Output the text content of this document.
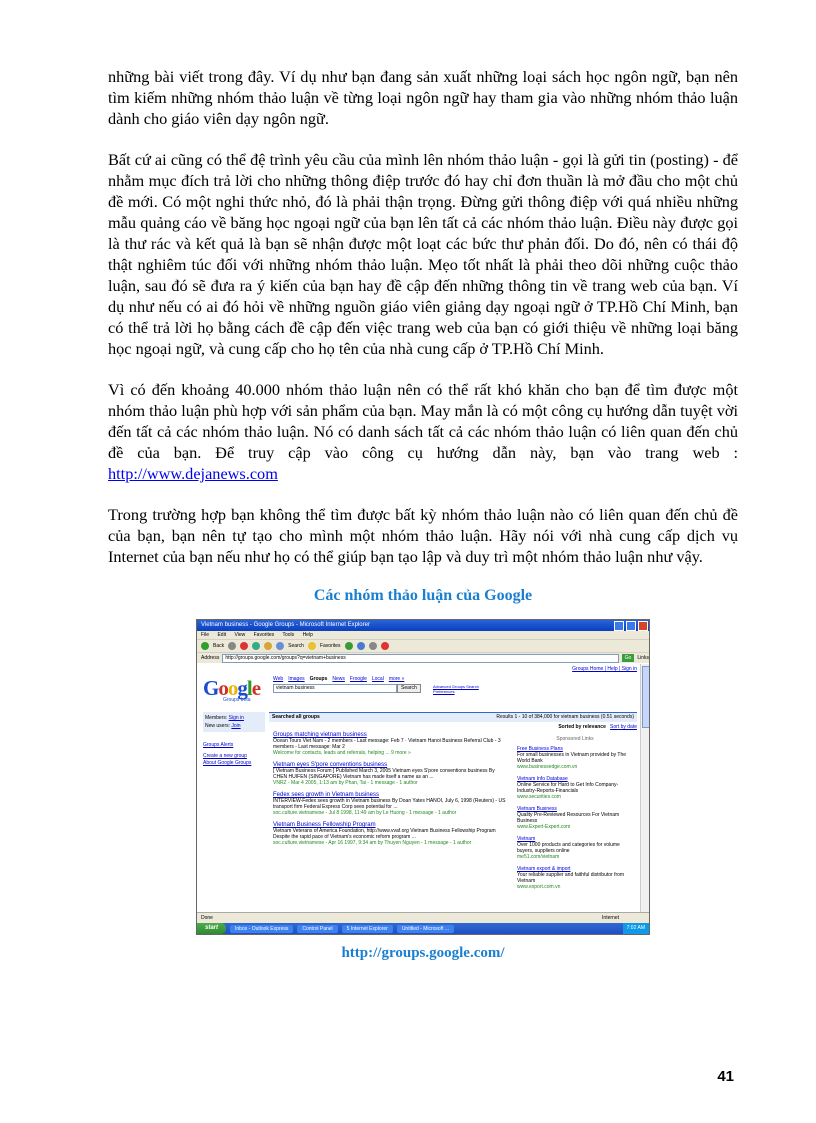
những bài viết trong đây. Ví dụ như bạn đang sản xuất những loại sách học ngôn ngữ, bạn nên tìm kiếm những nhóm thảo luận về từng loại ngôn ngữ hay tham gia vào những nhóm thảo luận dành cho giáo viên dạy ngôn ngữ.

Bất cứ ai cũng có thể đệ trình yêu cầu của mình lên nhóm thảo luận - gọi là gửi tin (posting) - để nhằm mục đích trả lời cho những thông điệp trước đó hay chỉ đơn thuần là mở đầu cho một chủ đề mới. Có một nghi thức nhỏ, đó là phải thận trọng. Đừng gửi thông điệp với quá nhiều những mẫu quảng cáo về băng học ngoại ngữ của bạn lên tất cả các nhóm thảo luận. Điều này được gọi là thư rác và kết quả là bạn sẽ nhận được một loạt các bức thư phản đối. Do đó, nên có thái độ thật nghiêm túc đối với những nhóm thảo luận. Mẹo tốt nhất là phải theo dõi những cuộc thảo luận, sau đó sẽ đưa ra ý kiến của bạn hay đề cập đến những thông tin về trang web của bạn. Ví dụ như nếu có ai đó hỏi về những nguồn giáo viên giảng dạy ngoại ngữ ở TP.Hồ Chí Minh, bạn có thể trả lời họ bằng cách đề cập đến việc trang web của bạn có giới thiệu về những loại băng học ngoại ngữ, và cung cấp cho họ tên của nhà cung cấp ở TP.Hồ Chí Minh.

Vì có đến khoảng 40.000 nhóm thảo luận nên có thể rất khó khăn cho bạn để tìm được một nhóm thảo luận phù hợp với sản phẩm của bạn. May mắn là có một công cụ hướng dẫn tuyệt vời đến tất cả các nhóm thảo luận. Nó có danh sách tất cả các nhóm thảo luận có liên quan đến chủ đề của bạn. Để truy cập vào công cụ hướng dẫn này, bạn vào trang web : http://www.dejanews.com

Trong trường hợp bạn không thể tìm được bất kỳ nhóm thảo luận nào có liên quan đến chủ đề của bạn, bạn nên tự tạo cho mình một nhóm thảo luận. Hãy nói với nhà cung cấp dịch vụ Internet của bạn nếu như họ có thể giúp bạn tạo lập và duy trì một nhóm thảo luận như vậy.

Các nhóm thảo luận của Google
Vietnam business - Google Groups - Microsoft Internet Explorer
File Edit View Favorites Tools Help
Back	Search	Favorites
Address	http://groups.google.com/groups?q=vietnam+business	Go	Links
Groups Home | Help | Sign in
Google
Groups beta
Web Images Groups News Froogle Local more »
vietnam business	Search	Advanced Groups Search
Preferences
Members: Sign in
New users: Join
Groups Alerts
Create a new group
About Google Groups
Searched all groups	Results 1 - 10 of 384,000 for vietnam business (0.51 seconds)
Sorted by relevance Sort by date
Groups matching vietnam business
Ocean Tours Viet Nam - 2 members - Last message: Feb 7 · Vietnam Hanoi Business Referral Club - 3 members - Last message: Mar 2
Welcome for contacts, leads and referrals, helping ... 9 more »
Vietnam eyes S'pore conventions business
[ Vietnam Business Forum ] Published March 3, 2005 Vietnam eyes S'pore conventions business By CHEN HUIFEN (SINGAPORE) Vietnam has made itself a name as an ...
VNRZ - Mar 4 2005, 1:13 am by Phan, Tai - 1 message - 1 author
Fedex sees growth in Vietnam business
INTERVIEW-Fedex sees growth in Vietnam business By Doan Yates HANOI, July 6, 1998 (Reuters) - US transport firm Federal Express Corp sees potential for ...
soc.culture.vietnamese - Jul 8 1998, 11:49 am by Le Huong - 1 message - 1 author
Vietnam Business Fellowship Program
Vietnam Veterans of America Foundation, http://www.vvaf.org Vietnam Business Fellowship Program Despite the rapid pace of Vietnam's economic reform program ...
soc.culture.vietnamese - Apr 16 1997, 9:34 am by Thuyen Nguyen - 1 message - 1 author
Sponsored Links
Free Business Plans
For small businesses in Vietnam provided by The World Bank
www.businessedge.com.vn
Vietnam Info Database
Online Service for Hard to Get Info Company-Industry-Reports-Financials
www.securities.com
Vietnam Business
Quality Pre-Reviewed Resources For Vietnam Business
www.Expert-Expert.com
Vietnam
Over 1000 products and categories for volume buyers, suppliers online
me51.com/vietnam
Vietnam export & import
Your reliable supplier and faithful distributor from Vietnam
www.export.com.vn
Done	Internet
start	Inbox - Outlook Express	Control Panel	5 Internet Explorer	Untitled - Microsoft ...	7:02 AM
http://groups.google.com/
41
